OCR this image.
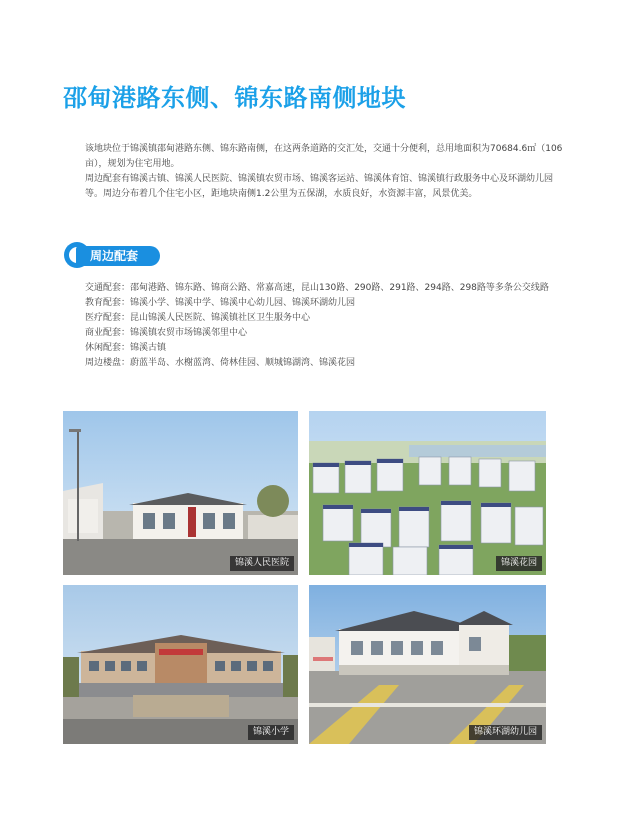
邵甸港路东侧、锦东路南侧地块

该地块位于锦溪镇邵甸港路东侧、锦东路南侧，在这两条道路的交汇处，交通十分便利，总用地面积为70684.6㎡（106亩），规划为住宅用地。

周边配套有锦溪古镇、锦溪人民医院、锦溪镇农贸市场、锦溪客运站、锦溪体育馆、锦溪镇行政服务中心及环湖幼儿园等。周边分布着几个住宅小区，距地块南侧1.2公里为五保湖，水质良好，水资源丰富，风景优美。

周边配套
交通配套： 邵甸港路、锦东路、锦商公路、常嘉高速，昆山130路、290路、291路、294路、298路等多条公交线路
教育配套： 锦溪小学、锦溪中学、锦溪中心幼儿园、锦溪环湖幼儿园
医疗配套： 昆山锦溪人民医院、锦溪镇社区卫生服务中心
商业配套： 锦溪镇农贸市场锦溪邻里中心
休闲配套： 锦溪古镇
周边楼盘： 蔚蓝半岛、水榭蓝湾、倚林佳园、顺城锦湖湾、锦溪花园
锦溪人民医院	锦溪花园
锦溪小学	锦溪环湖幼儿园
